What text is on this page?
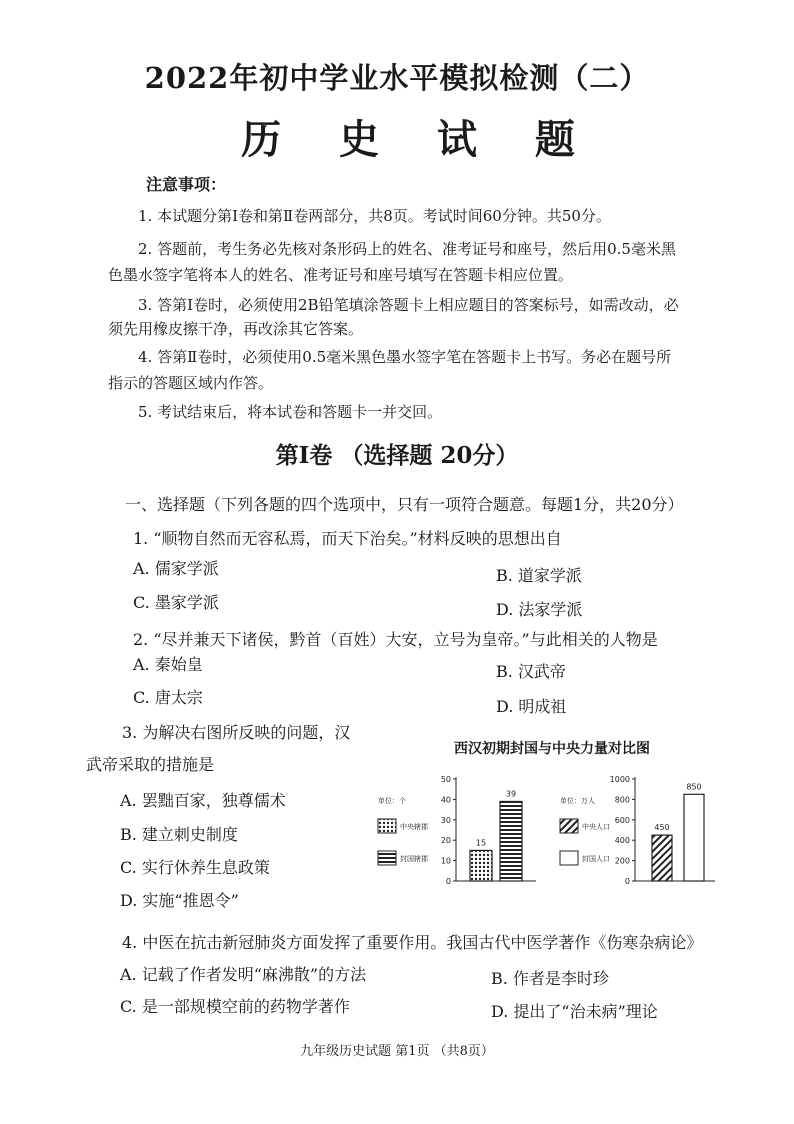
2022年初中学业水平模拟检测（二）
历 史 试 题
注意事项：
1. 本试题分第Ⅰ卷和第Ⅱ卷两部分，共8页。考试时间60分钟。共50分。
2. 答题前，考生务必先核对条形码上的姓名、准考证号和座号，然后用0.5毫米黑
色墨水签字笔将本人的姓名、准考证号和座号填写在答题卡相应位置。
3. 答第Ⅰ卷时，必须使用2B铅笔填涂答题卡上相应题目的答案标号，如需改动，必
须先用橡皮擦干净，再改涂其它答案。
4. 答第Ⅱ卷时，必须使用0.5毫米黑色墨水签字笔在答题卡上书写。务必在题号所
指示的答题区域内作答。
5. 考试结束后，将本试卷和答题卡一并交回。
第Ⅰ卷 （选择题 20分）
一、选择题（下列各题的四个选项中，只有一项符合题意。每题1分，共20分）
1. “顺物自然而无容私焉，而天下治矣。”材料反映的思想出自
A. 儒家学派	B. 道家学派
C. 墨家学派	D. 法家学派
2. “尽并兼天下诸侯，黔首（百姓）大安，立号为皇帝。”与此相关的人物是
A. 秦始皇	B. 汉武帝
C. 唐太宗	D. 明成祖
3. 为解决右图所反映的问题，汉
武帝采取的措施是
A. 罢黜百家，独尊儒术
B. 建立刺史制度
C. 实行休养生息政策
D. 实施“推恩令”
西汉初期封国与中央力量对比图
0
10
20
30
40
50
单位：个
中央辖郡
封国辖郡
15
39
0
200
400
600
800
1000
单位：万人
中央人口
封国人口
450
850
4. 中医在抗击新冠肺炎方面发挥了重要作用。我国古代中医学著作《伤寒杂病论》
A. 记载了作者发明“麻沸散”的方法	B. 作者是李时珍
C. 是一部规模空前的药物学著作	D. 提出了“治未病”理论
九年级历史试题 第1页 （共8页）
